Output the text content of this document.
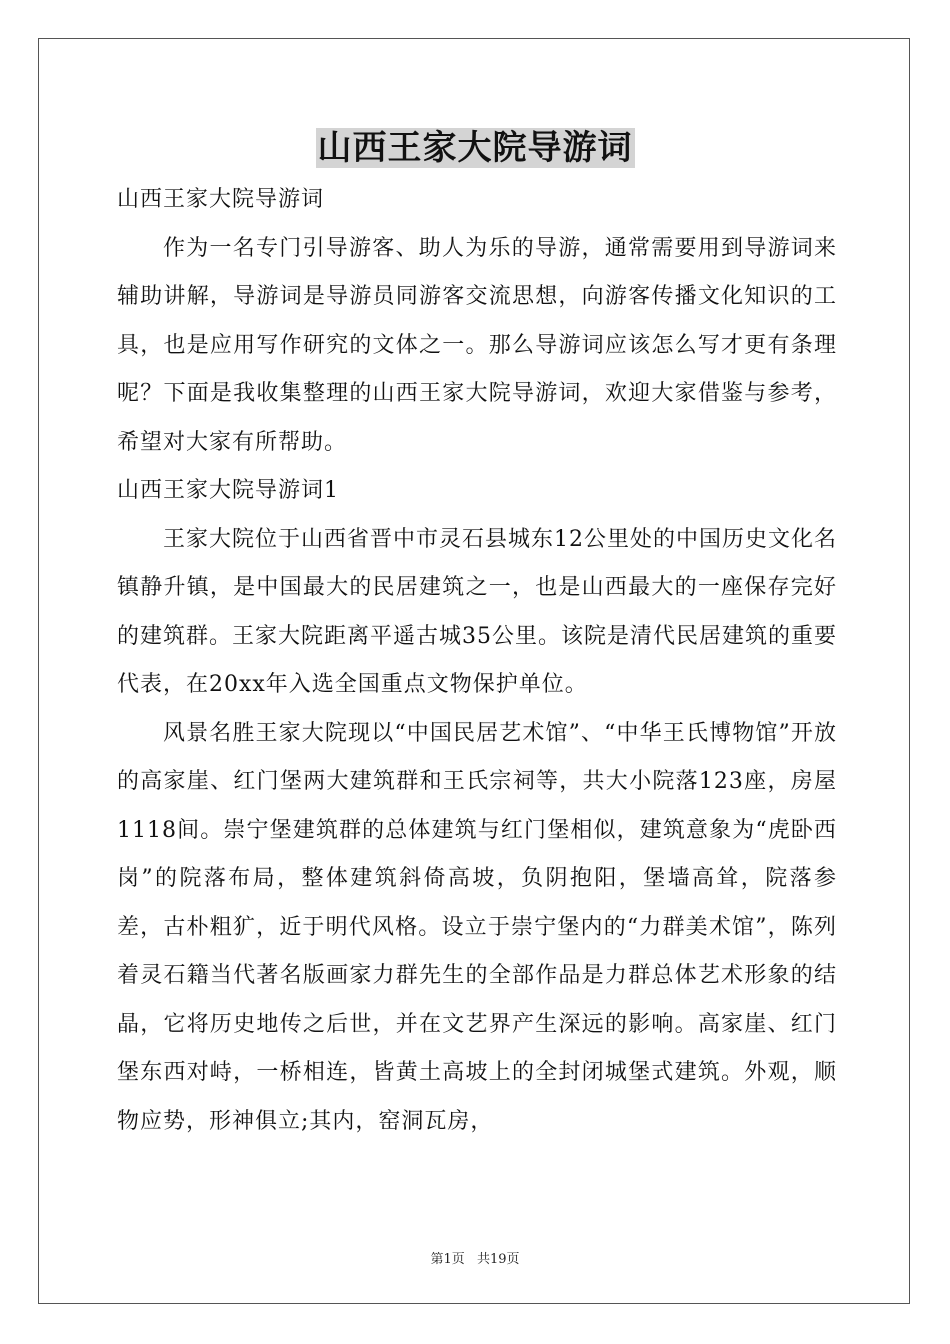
山西王家大院导游词

山西王家大院导游词

作为一名专门引导游客、助人为乐的导游，通常需要用到导游词来辅助讲解，导游词是导游员同游客交流思想，向游客传播文化知识的工具，也是应用写作研究的文体之一。那么导游词应该怎么写才更有条理呢？下面是我收集整理的山西王家大院导游词，欢迎大家借鉴与参考，希望对大家有所帮助。

山西王家大院导游词1

王家大院位于山西省晋中市灵石县城东12公里处的中国历史文化名镇静升镇，是中国最大的民居建筑之一，也是山西最大的一座保存完好的建筑群。王家大院距离平遥古城35公里。该院是清代民居建筑的重要代表，在20xx年入选全国重点文物保护单位。

风景名胜王家大院现以“中国民居艺术馆”、“中华王氏博物馆”开放的高家崖、红门堡两大建筑群和王氏宗祠等，共大小院落123座，房屋1118间。崇宁堡建筑群的总体建筑与红门堡相似，建筑意象为“虎卧西岗”的院落布局，整体建筑斜倚高坡，负阴抱阳，堡墙高耸，院落参差，古朴粗犷，近于明代风格。设立于崇宁堡内的“力群美术馆”，陈列着灵石籍当代著名版画家力群先生的全部作品是力群总体艺术形象的结晶，它将历史地传之后世，并在文艺界产生深远的影响。高家崖、红门堡东西对峙，一桥相连，皆黄土高坡上的全封闭城堡式建筑。外观，顺物应势，形神俱立;其内，窑洞瓦房，

第1页 共19页
